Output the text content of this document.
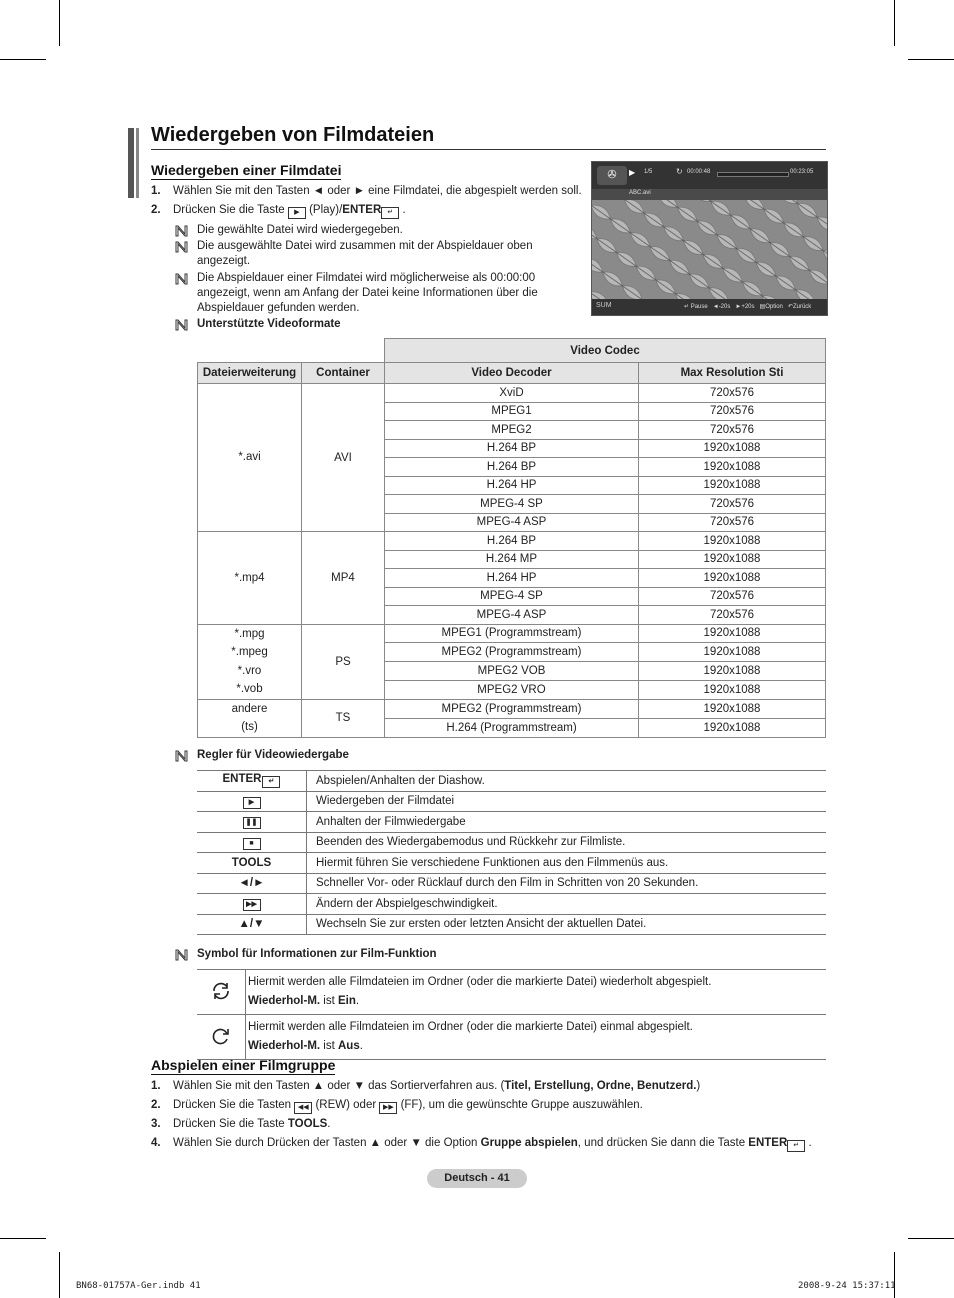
Wiedergeben von Filmdateien
Wiedergeben einer Filmdatei
1. Wählen Sie mit den Tasten ◄ oder ► eine Filmdatei, die abgespielt werden soll.
2. Drücken Sie die Taste ▶ (Play)/ENTER ↵ .
Die gewählte Datei wird wiedergegeben.
Die ausgewählte Datei wird zusammen mit der Abspieldauer oben angezeigt.
Die Abspieldauer einer Filmdatei wird möglicherweise als 00:00:00 angezeigt, wenn am Anfang der Datei keine Informationen über die Abspieldauer gefunden werden.
Unterstützte Videoformate
✇	▶ 1/5	↻ 00:00:48	00:23:05
ABC.avi
SUM	↵ Pause ◄-20s ►+20s ▤Option ↶Zurück
		Video Codec	
Dateierweiterung	Container	Video Decoder	Max Resolution Sti
*.avi	AVI	XviD	720x576
		MPEG1	720x576
		MPEG2	720x576
		H.264 BP	1920x1088
		H.264 BP	1920x1088
		H.264 HP	1920x1088
		MPEG-4 SP	720x576
		MPEG-4 ASP	720x576
*.mp4	MP4	H.264 BP	1920x1088
		H.264 MP	1920x1088
		H.264 HP	1920x1088
		MPEG-4 SP	720x576
		MPEG-4 ASP	720x576
*.mpg
*.mpeg
*.vro
*.vob	PS	MPEG1 (Programmstream)	1920x1088
		MPEG2 (Programmstream)	1920x1088
		MPEG2 VOB	1920x1088
		MPEG2 VRO	1920x1088
andere
(ts)	TS	MPEG2 (Programmstream)	1920x1088
		H.264 (Programmstream)	1920x1088
Regler für Videowiedergabe
ENTER ↵	Abspielen/Anhalten der Diashow.
▶	Wiedergeben der Filmdatei
❚❚	Anhalten der Filmwiedergabe
■	Beenden des Wiedergabemodus und Rückkehr zur Filmliste.
TOOLS	Hiermit führen Sie verschiedene Funktionen aus den Filmmenüs aus.
◄/►	Schneller Vor- oder Rücklauf durch den Film in Schritten von 20 Sekunden.
▶▶	Ändern der Abspielgeschwindigkeit.
▲/▼	Wechseln Sie zur ersten oder letzten Ansicht der aktuellen Datei.
Symbol für Informationen zur Film-Funktion

Hiermit werden alle Filmdateien im Ordner (oder die markierte Datei) wiederholt abgespielt.
Wiederhol-M. ist Ein.

Hiermit werden alle Filmdateien im Ordner (oder die markierte Datei) einmal abgespielt.
Wiederhol-M. ist Aus.
Abspielen einer Filmgruppe
1. Wählen Sie mit den Tasten ▲ oder ▼ das Sortierverfahren aus. (Titel, Erstellung, Ordne, Benutzerd.)
2. Drücken Sie die Tasten ◀◀ (REW) oder ▶▶ (FF), um die gewünschte Gruppe auszuwählen.
3. Drücken Sie die Taste TOOLS.
4. Wählen Sie durch Drücken der Tasten ▲ oder ▼ die Option Gruppe abspielen, und drücken Sie dann die Taste ENTER ↵ .
Deutsch - 41
BN68-01757A-Ger.indb 41	2008-9-24 15:37:11
